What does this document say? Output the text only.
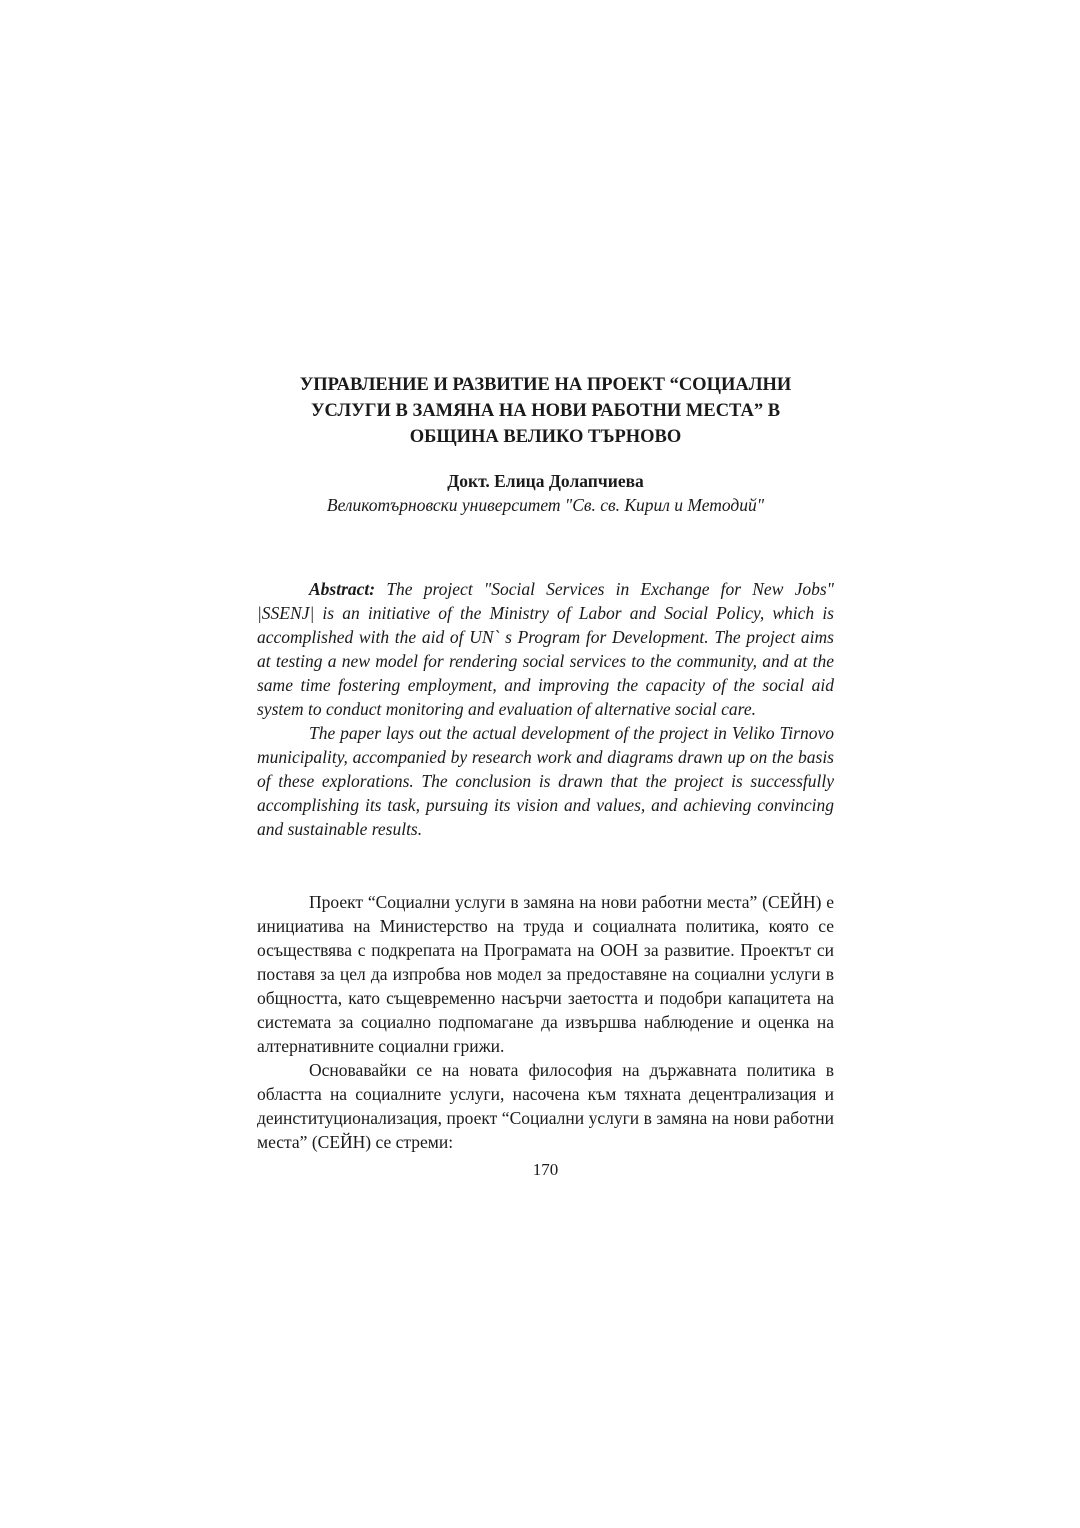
УПРАВЛЕНИЕ И РАЗВИТИЕ НА ПРОЕКТ “СОЦИАЛНИ
УСЛУГИ В ЗАМЯНА НА НОВИ РАБОТНИ МЕСТА” В
ОБЩИНА ВЕЛИКО ТЪРНОВО

Докт. Елица Долапчиева

Великотърновски университет "Св. св. Кирил и Методий"

Abstract: The project "Social Services in Exchange for New Jobs" |SSENJ| is an initiative of the Ministry of Labor and Social Policy, which is accomplished with the aid of UN` s Program for Development. The project aims at testing a new model for rendering social services to the community, and at the same time fostering employment, and improving the capacity of the social aid system to conduct monitoring and evaluation of alternative social care.

The paper lays out the actual development of the project in Veliko Tirnovo municipality, accompanied by research work and diagrams drawn up on the basis of these explorations. The conclusion is drawn that the project is successfully accomplishing its task, pursuing its vision and values, and achieving convincing and sustainable results.

Проект “Социални услуги в замяна на нови работни места” (СЕЙН) е инициатива на Министерство на труда и социалната политика, която се осъществява с подкрепата на Програмата на ООН за развитие. Проектът си поставя за цел да изпробва нов модел за предоставяне на социални услуги в общността, като същевременно насърчи заетостта и подобри капацитета на системата за социално подпомагане да извършва наблюдение и оценка на алтернативните социални грижи.

Основавайки се на новата философия на държавната политика в областта на социалните услуги, насочена към тяхната децентрализация и деинституционализация, проект “Социални услуги в замяна на нови работни места” (СЕЙН) се стреми:

170
